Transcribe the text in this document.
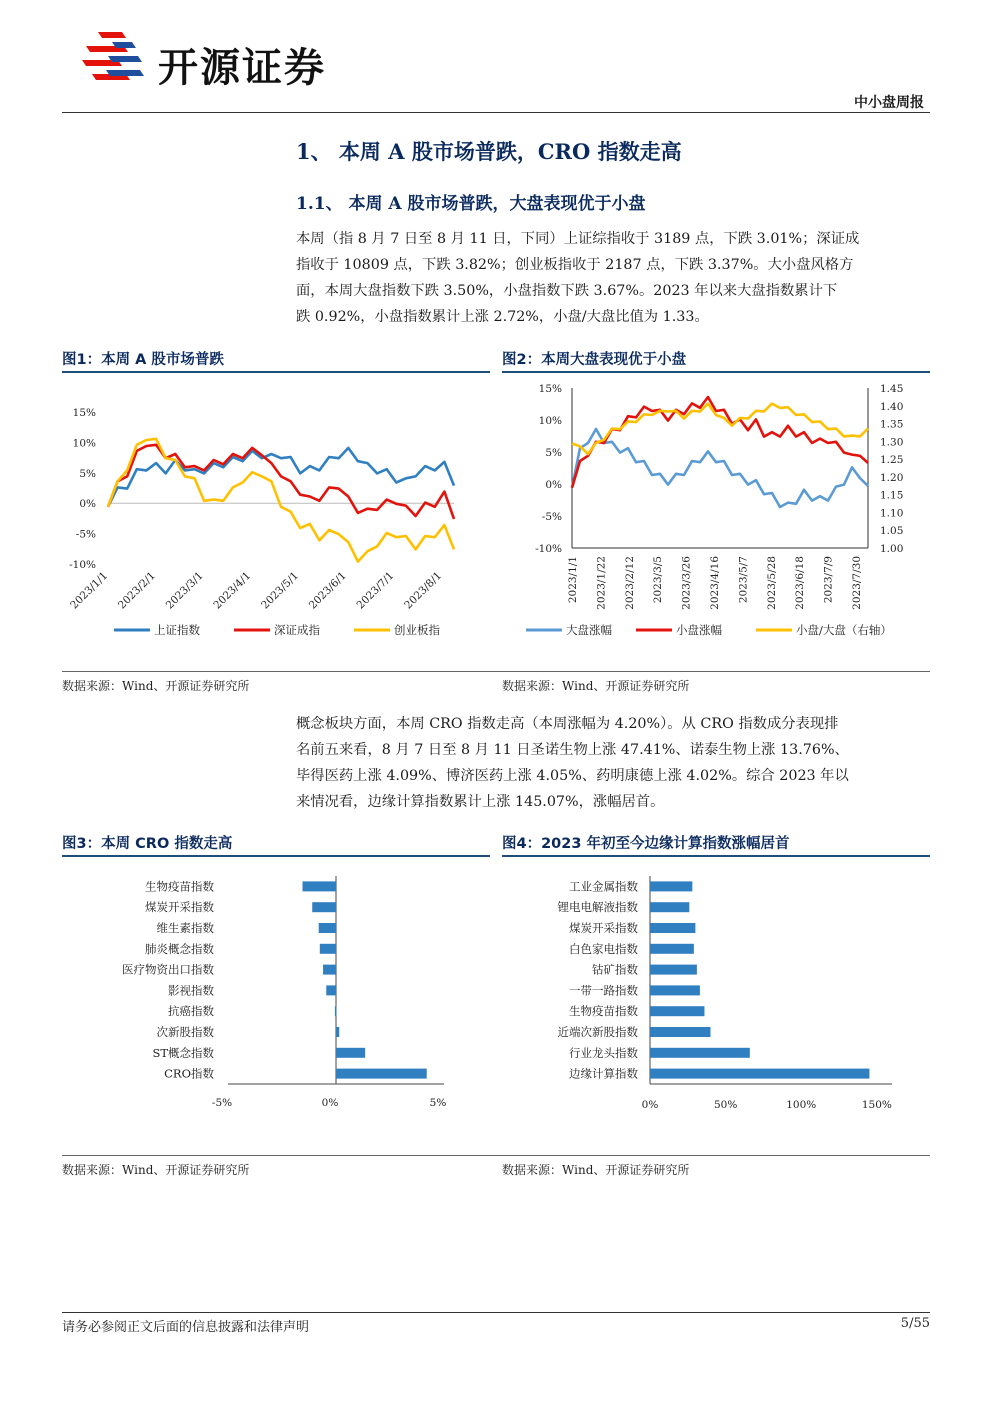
开源证券
中小盘周报
1、 本周 A 股市场普跌，CRO 指数走高
1.1、 本周 A 股市场普跌，大盘表现优于小盘
本周（指 8 月 7 日至 8 月 11 日，下同）上证综指收于 3189 点，下跌 3.01%；深证成
指收于 10809 点，下跌 3.82%；创业板指收于 2187 点，下跌 3.37%。大小盘风格方
面，本周大盘指数下跌 3.50%，小盘指数下跌 3.67%。2023 年以来大盘指数累计下
跌 0.92%，小盘指数累计上涨 2.72%，小盘/大盘比值为 1.33。
图1：本周 A 股市场普跌	图2：本周大盘表现优于小盘
15%
10%
5%
0%
-5%
-10%
2023/1/1 2023/2/1 2023/3/1 2023/4/1 2023/5/1 2023/6/1 2023/7/1 2023/8/1
上证指数	深证成指	创业板指
15%
10%
5%
0%
-5%
-10%
1.45
1.40
1.35
1.30
1.25
1.20
1.15
1.10
1.05
1.00
2023/1/1 2023/1/22 2023/2/12 2023/3/5 2023/3/26 2023/4/16 2023/5/7 2023/5/28 2023/6/18 2023/7/9 2023/7/30
大盘涨幅	小盘涨幅	小盘/大盘（右轴）
数据来源：Wind、开源证券研究所	数据来源：Wind、开源证券研究所
概念板块方面，本周 CRO 指数走高（本周涨幅为 4.20%）。从 CRO 指数成分表现排
名前五来看，8 月 7 日至 8 月 11 日圣诺生物上涨 47.41%、诺泰生物上涨 13.76%、
毕得医药上涨 4.09%、博济医药上涨 4.05%、药明康德上涨 4.02%。综合 2023 年以
来情况看，边缘计算指数累计上涨 145.07%，涨幅居首。
图3：本周 CRO 指数走高	图4：2023 年初至今边缘计算指数涨幅居首
-5%	0%	5%
生物疫苗指数
煤炭开采指数
维生素指数
肺炎概念指数
医疗物资出口指数
影视指数
抗癌指数
次新股指数
ST概念指数
CRO指数
0%	50%	100%	150%
工业金属指数
锂电电解液指数
煤炭开采指数
白色家电指数
钴矿指数
一带一路指数
生物疫苗指数
近端次新股指数
行业龙头指数
边缘计算指数
数据来源：Wind、开源证券研究所	数据来源：Wind、开源证券研究所
请务必参阅正文后面的信息披露和法律声明	5/55
